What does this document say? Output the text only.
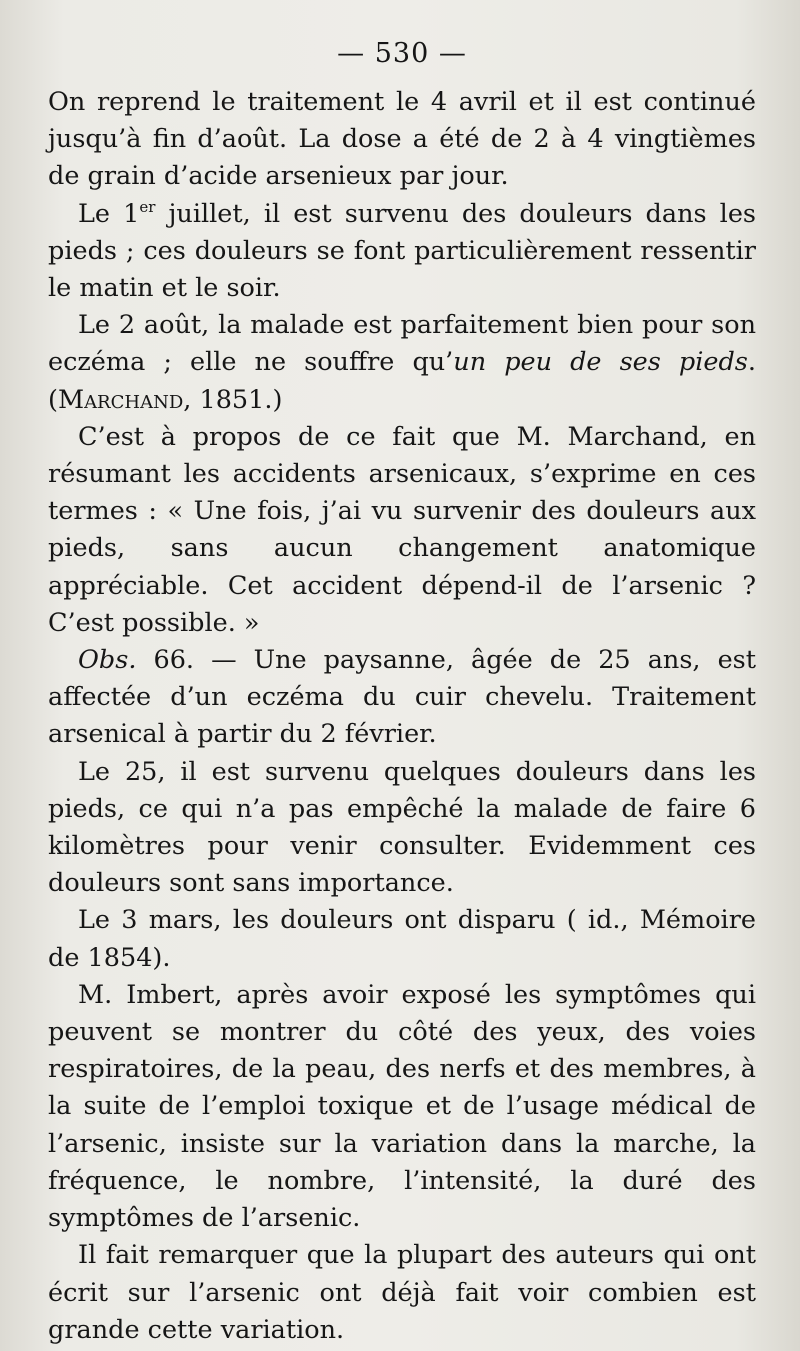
— 530 —

On reprend le traitement le 4 avril et il est continué jusqu’à fin d’août. La dose a été de 2 à 4 vingtièmes de grain d’acide arsenieux par jour.

Le 1er juillet, il est survenu des douleurs dans les pieds ; ces douleurs se font particulièrement ressentir le matin et le soir.

Le 2 août, la malade est parfaitement bien pour son eczéma ; elle ne souffre qu’un peu de ses pieds. (Marchand, 1851.)

C’est à propos de ce fait que M. Marchand, en résumant les accidents arsenicaux, s’exprime en ces termes : « Une fois, j’ai vu survenir des douleurs aux pieds, sans aucun changement anatomique appréciable. Cet accident dépend-il de l’arsenic ? C’est possible. »

Obs. 66. — Une paysanne, âgée de 25 ans, est affectée d’un eczéma du cuir chevelu. Traitement arsenical à partir du 2 février.

Le 25, il est survenu quelques douleurs dans les pieds, ce qui n’a pas empêché la malade de faire 6 kilomètres pour venir consulter. Evidemment ces douleurs sont sans importance.

Le 3 mars, les douleurs ont disparu ( id., Mémoire de 1854).

M. Imbert, après avoir exposé les symptômes qui peuvent se montrer du côté des yeux, des voies respiratoires, de la peau, des nerfs et des membres, à la suite de l’emploi toxique et de l’usage médical de l’arsenic, insiste sur la variation dans la marche, la fréquence, le nombre, l’intensité, la duré des symptômes de l’arsenic.

Il fait remarquer que la plupart des auteurs qui ont écrit sur l’arsenic ont déjà fait voir combien est grande cette variation.
